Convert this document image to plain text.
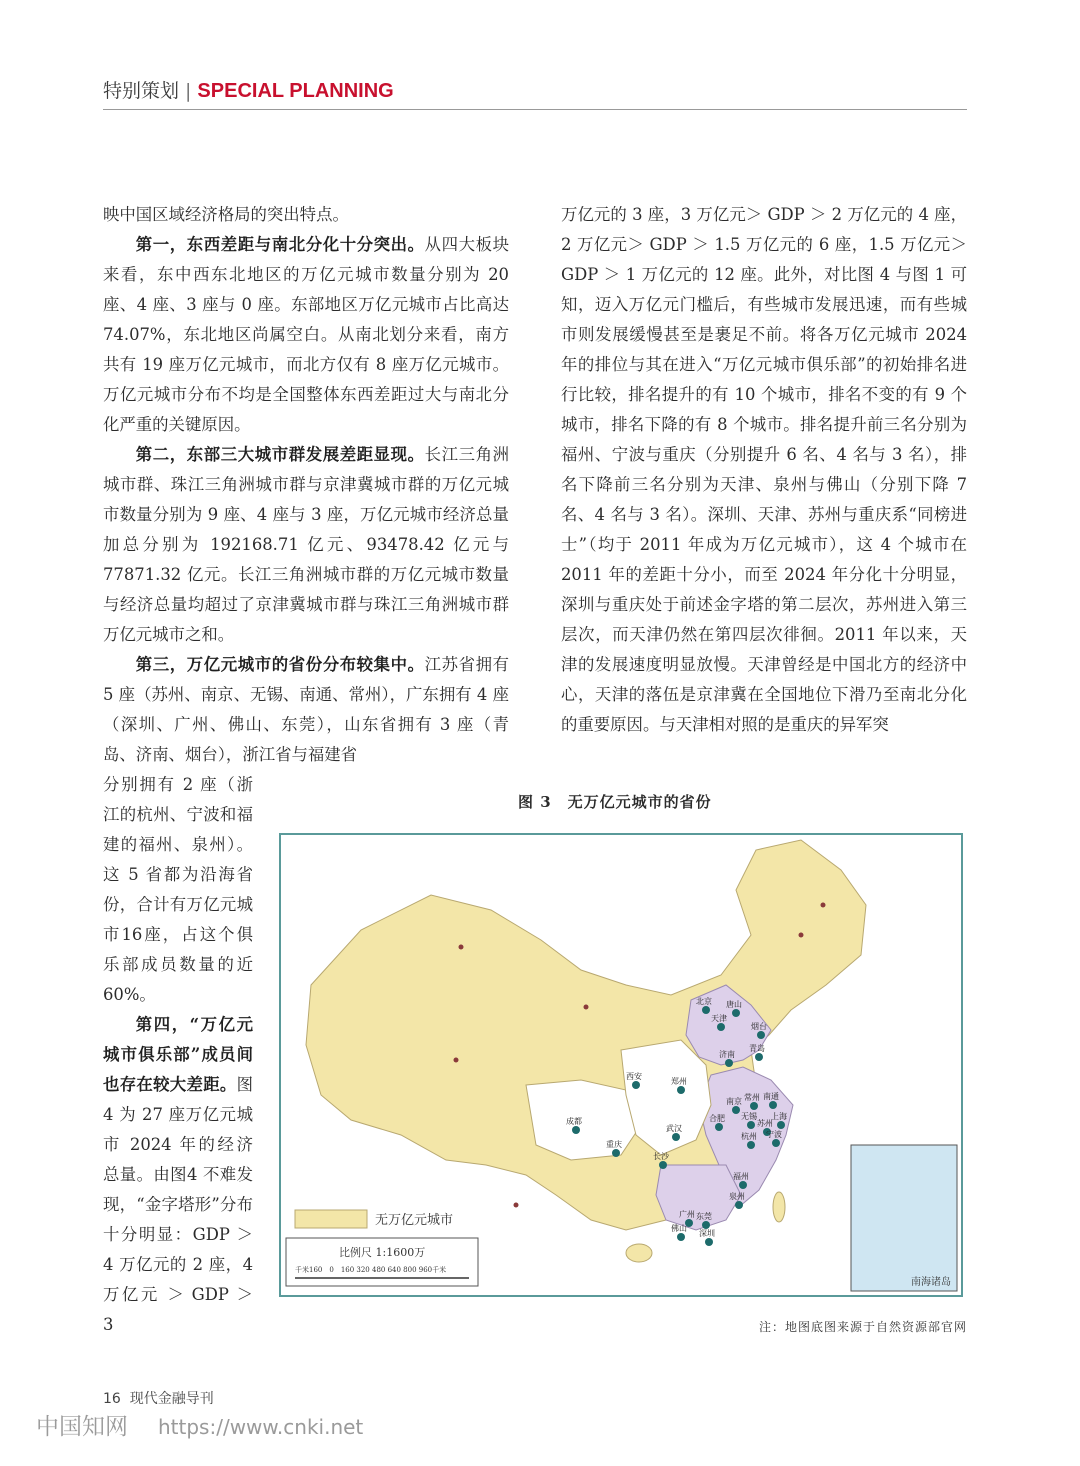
特别策划 | SPECIAL PLANNING

映中国区域经济格局的突出特点。

第一，东西差距与南北分化十分突出。从四大板块来看，东中西东北地区的万亿元城市数量分别为 20 座、4 座、3 座与 0 座。东部地区万亿元城市占比高达 74.07%，东北地区尚属空白。从南北划分来看，南方共有 19 座万亿元城市，而北方仅有 8 座万亿元城市。万亿元城市分布不均是全国整体东西差距过大与南北分化严重的关键原因。

第二，东部三大城市群发展差距显现。长江三角洲城市群、珠江三角洲城市群与京津冀城市群的万亿元城市数量分别为 9 座、4 座与 3 座，万亿元城市经济总量加总分别为 192168.71 亿元、93478.42 亿元与 77871.32 亿元。长江三角洲城市群的万亿元城市数量与经济总量均超过了京津冀城市群与珠江三角洲城市群万亿元城市之和。

第三，万亿元城市的省份分布较集中。江苏省拥有 5 座（苏州、南京、无锡、南通、常州），广东拥有 4 座（深圳、广州、佛山、东莞），山东省拥有 3 座（青岛、济南、烟台），浙江省与福建省

分别拥有 2 座（浙江的杭州、宁波和福建的福州、泉州）。这 5 省都为沿海省份，合计有万亿元城市16座，占这个俱乐部成员数量的近 60%。

第四，“万亿元城市俱乐部”成员间也存在较大差距。图 4 为 27 座万亿元城市 2024 年的经济总量。由图4 不难发现，“金字塔形”分布十分明显：GDP ＞ 4 万亿元的 2 座，4 万亿元 ＞ GDP ＞ 3

万亿元的 3 座，3 万亿元＞ GDP ＞ 2 万亿元的 4 座，2 万亿元＞ GDP ＞ 1.5 万亿元的 6 座，1.5 万亿元＞ GDP ＞ 1 万亿元的 12 座。此外，对比图 4 与图 1 可知，迈入万亿元门槛后，有些城市发展迅速，而有些城市则发展缓慢甚至是裹足不前。将各万亿元城市 2024 年的排位与其在进入“万亿元城市俱乐部”的初始排名进行比较，排名提升的有 10 个城市，排名不变的有 9 个城市，排名下降的有 8 个城市。排名提升前三名分别为福州、宁波与重庆（分别提升 6 名、4 名与 3 名），排名下降前三名分别为天津、泉州与佛山（分别下降 7 名、4 名与 3 名）。深圳、天津、苏州与重庆系“同榜进士”（均于 2011 年成为万亿元城市），这 4 个城市在 2011 年的差距十分小，而至 2024 年分化十分明显，深圳与重庆处于前述金字塔的第二层次，苏州进入第三层次，而天津仍然在第四层次徘徊。2011 年以来，天津的发展速度明显放慢。天津曾经是中国北方的经济中心，天津的落伍是京津冀在全国地位下滑乃至南北分化的重要原因。与天津相对照的是重庆的异军突

图 3　无万亿元城市的省份
无万亿元城市
比例尺 1:1600万
千米160　0　160 320 480 640 800 960千米
南海诸岛
北京 唐山
天津
烟台
青岛
济南
西安
郑州
南京 常州 南通
上海
无锡
苏州
合肥
成都
武汉
杭州 宁波
重庆
长沙
福州
泉州
广州 东莞
佛山
深圳
注：地图底图来源于自然资源部官网
16 现代金融导刊
中国知网 https://www.cnki.net
